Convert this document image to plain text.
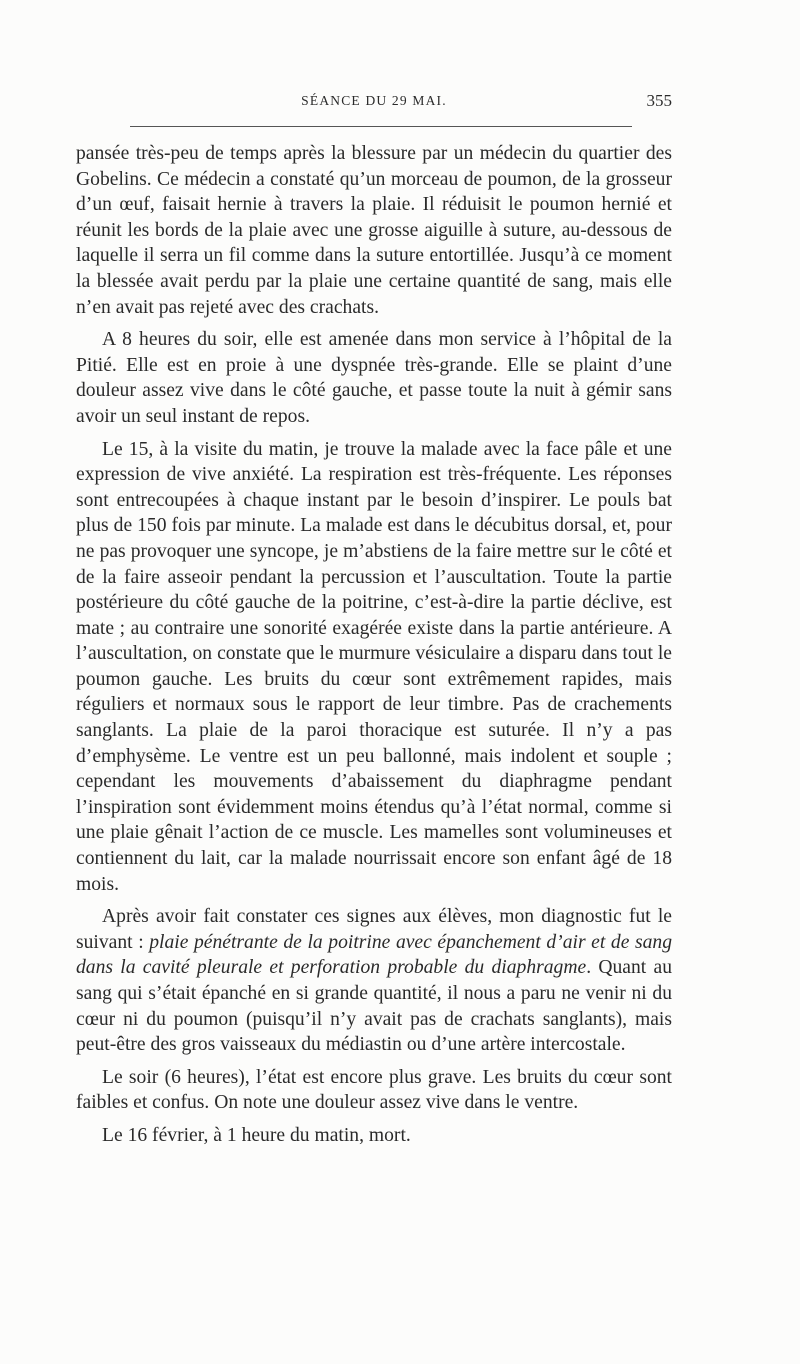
SÉANCE DU 29 MAI.	355

pansée très-peu de temps après la blessure par un médecin du quartier des Gobelins. Ce médecin a constaté qu’un morceau de poumon, de la grosseur d’un œuf, faisait hernie à travers la plaie. Il réduisit le poumon hernié et réunit les bords de la plaie avec une grosse aiguille à suture, au-dessous de laquelle il serra un fil comme dans la suture entortillée. Jusqu’à ce moment la blessée avait perdu par la plaie une certaine quantité de sang, mais elle n’en avait pas rejeté avec des crachats.

A 8 heures du soir, elle est amenée dans mon service à l’hôpital de la Pitié. Elle est en proie à une dyspnée très-grande. Elle se plaint d’une douleur assez vive dans le côté gauche, et passe toute la nuit à gémir sans avoir un seul instant de repos.

Le 15, à la visite du matin, je trouve la malade avec la face pâle et une expression de vive anxiété. La respiration est très-fréquente. Les réponses sont entrecoupées à chaque instant par le besoin d’inspirer. Le pouls bat plus de 150 fois par minute. La malade est dans le décubitus dorsal, et, pour ne pas provoquer une syncope, je m’abstiens de la faire mettre sur le côté et de la faire asseoir pendant la percussion et l’auscultation. Toute la partie postérieure du côté gauche de la poitrine, c’est-à-dire la partie déclive, est mate ; au contraire une sonorité exagérée existe dans la partie antérieure. A l’auscultation, on constate que le murmure vésiculaire a disparu dans tout le poumon gauche. Les bruits du cœur sont extrêmement rapides, mais réguliers et normaux sous le rapport de leur timbre. Pas de crachements sanglants. La plaie de la paroi thoracique est suturée. Il n’y a pas d’emphysème. Le ventre est un peu ballonné, mais indolent et souple ; cependant les mouvements d’abaissement du diaphragme pendant l’inspiration sont évidemment moins étendus qu’à l’état normal, comme si une plaie gênait l’action de ce muscle. Les mamelles sont volumineuses et contiennent du lait, car la malade nourrissait encore son enfant âgé de 18 mois.

Après avoir fait constater ces signes aux élèves, mon diagnostic fut le suivant : plaie pénétrante de la poitrine avec épanchement d’air et de sang dans la cavité pleurale et perforation probable du diaphragme. Quant au sang qui s’était épanché en si grande quantité, il nous a paru ne venir ni du cœur ni du poumon (puisqu’il n’y avait pas de crachats sanglants), mais peut-être des gros vaisseaux du médiastin ou d’une artère intercostale.

Le soir (6 heures), l’état est encore plus grave. Les bruits du cœur sont faibles et confus. On note une douleur assez vive dans le ventre.

Le 16 février, à 1 heure du matin, mort.
